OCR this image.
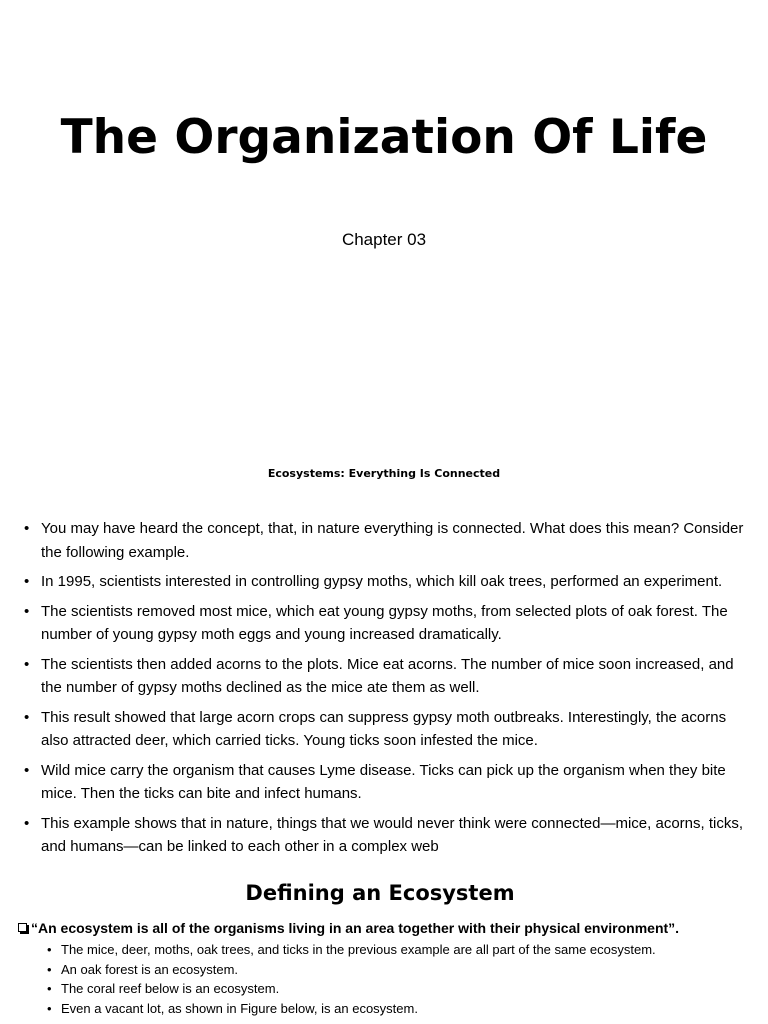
The Organization Of Life
Chapter 03
Ecosystems: Everything Is Connected
• You may have heard the concept, that, in nature everything is connected. What does this mean? Consider the following example.
• In 1995, scientists interested in controlling gypsy moths, which kill oak trees, performed an experiment.
• The scientists removed most mice, which eat young gypsy moths, from selected plots of oak forest. The number of young gypsy moth eggs and young increased dramatically.
• The scientists then added acorns to the plots. Mice eat acorns. The number of mice soon increased, and the number of gypsy moths declined as the mice ate them as well.
• This result showed that large acorn crops can suppress gypsy moth outbreaks. Interestingly, the acorns also attracted deer, which carried ticks. Young ticks soon infested the mice.
• Wild mice carry the organism that causes Lyme disease. Ticks can pick up the organism when they bite mice. Then the ticks can bite and infect humans.
• This example shows that in nature, things that we would never think were connected—mice, acorns, ticks, and humans—can be linked to each other in a complex web
Defining an Ecosystem
“An ecosystem is all of the organisms living in an area together with their physical environment”.
• The mice, deer, moths, oak trees, and ticks in the previous example are all part of the same ecosystem.
• An oak forest is an ecosystem.
• The coral reef below is an ecosystem.
• Even a vacant lot, as shown in Figure below, is an ecosystem.
